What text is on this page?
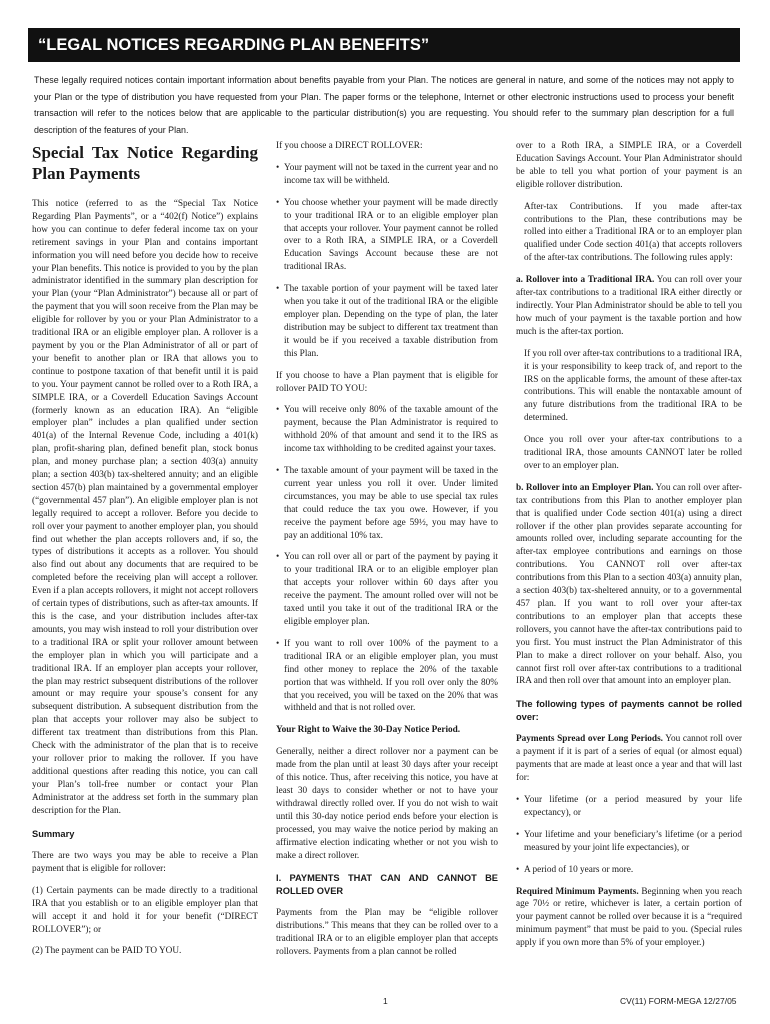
“LEGAL NOTICES REGARDING PLAN BENEFITS”
These legally required notices contain important information about benefits payable from your Plan. The notices are general in nature, and some of the notices may not apply to your Plan or the type of distribution you have requested from your Plan. The paper forms or the telephone, Internet or other electronic instructions used to process your benefit transaction will refer to the notices below that are applicable to the particular distribution(s) you are requesting. You should refer to the summary plan description for a full description of the features of your Plan.
Special Tax Notice Regarding Plan Payments

This notice (referred to as the “Special Tax Notice Regarding Plan Payments”, or a “402(f) Notice”) explains how you can continue to defer federal income tax on your retirement savings in your Plan and contains important information you will need before you decide how to receive your Plan benefits. This notice is provided to you by the plan administrator identified in the summary plan description for your Plan (your “Plan Administrator”) because all or part of the payment that you will soon receive from the Plan may be eligible for rollover by you or your Plan Administrator to a traditional IRA or an eligible employer plan. A rollover is a payment by you or the Plan Administrator of all or part of your benefit to another plan or IRA that allows you to continue to postpone taxation of that benefit until it is paid to you. Your payment cannot be rolled over to a Roth IRA, a SIMPLE IRA, or a Coverdell Education Savings Account (formerly known as an education IRA). An “eligible employer plan” includes a plan qualified under section 401(a) of the Internal Revenue Code, including a 401(k) plan, profit-sharing plan, defined benefit plan, stock bonus plan, and money purchase plan; a section 403(a) annuity plan; a section 403(b) tax-sheltered annuity; and an eligible section 457(b) plan maintained by a governmental employer (“governmental 457 plan”). An eligible employer plan is not legally required to accept a rollover. Before you decide to roll over your payment to another employer plan, you should find out whether the plan accepts rollovers and, if so, the types of distributions it accepts as a rollover. You should also find out about any documents that are required to be completed before the receiving plan will accept a rollover. Even if a plan accepts rollovers, it might not accept rollovers of certain types of distributions, such as after-tax amounts. If this is the case, and your distribution includes after-tax amounts, you may wish instead to roll your distribution over to a traditional IRA or split your rollover amount between the employer plan in which you will participate and a traditional IRA. If an employer plan accepts your rollover, the plan may restrict subsequent distributions of the rollover amount or may require your spouse’s consent for any subsequent distribution. A subsequent distribution from the plan that accepts your rollover may also be subject to different tax treatment than distributions from this Plan. Check with the administrator of the plan that is to receive your rollover prior to making the rollover. If you have additional questions after reading this notice, you can call your Plan’s toll-free number or contact your Plan Administrator at the address set forth in the summary plan description for the Plan.

Summary

There are two ways you may be able to receive a Plan payment that is eligible for rollover:

(1) Certain payments can be made directly to a traditional IRA that you establish or to an eligible employer plan that will accept it and hold it for your benefit (“DIRECT ROLLOVER”); or

(2) The payment can be PAID TO YOU.

If you choose a DIRECT ROLLOVER:

• Your payment will not be taxed in the current year and no income tax will be withheld.

• You choose whether your payment will be made directly to your traditional IRA or to an eligible employer plan that accepts your rollover. Your payment cannot be rolled over to a Roth IRA, a SIMPLE IRA, or a Coverdell Education Savings Account because these are not traditional IRAs.

• The taxable portion of your payment will be taxed later when you take it out of the traditional IRA or the eligible employer plan. Depending on the type of plan, the later distribution may be subject to different tax treatment than it would be if you received a taxable distribution from this Plan.

If you choose to have a Plan payment that is eligible for rollover PAID TO YOU:

• You will receive only 80% of the taxable amount of the payment, because the Plan Administrator is required to withhold 20% of that amount and send it to the IRS as income tax withholding to be credited against your taxes.

• The taxable amount of your payment will be taxed in the current year unless you roll it over. Under limited circumstances, you may be able to use special tax rules that could reduce the tax you owe. However, if you receive the payment before age 59½, you may have to pay an additional 10% tax.

• You can roll over all or part of the payment by paying it to your traditional IRA or to an eligible employer plan that accepts your rollover within 60 days after you receive the payment. The amount rolled over will not be taxed until you take it out of the traditional IRA or the eligible employer plan.

• If you want to roll over 100% of the payment to a traditional IRA or an eligible employer plan, you must find other money to replace the 20% of the taxable portion that was withheld. If you roll over only the 80% that you received, you will be taxed on the 20% that was withheld and that is not rolled over.

Your Right to Waive the 30-Day Notice Period.

Generally, neither a direct rollover nor a payment can be made from the plan until at least 30 days after your receipt of this notice. Thus, after receiving this notice, you have at least 30 days to consider whether or not to have your withdrawal directly rolled over. If you do not wish to wait until this 30-day notice period ends before your election is processed, you may waive the notice period by making an affirmative election indicating whether or not you wish to make a direct rollover.

I. PAYMENTS THAT CAN AND CANNOT BE ROLLED OVER

Payments from the Plan may be “eligible rollover distributions.” This means that they can be rolled over to a traditional IRA or to an eligible employer plan that accepts rollovers. Payments from a plan cannot be rolled

over to a Roth IRA, a SIMPLE IRA, or a Coverdell Education Savings Account. Your Plan Administrator should be able to tell you what portion of your payment is an eligible rollover distribution.

After-tax Contributions. If you made after-tax contributions to the Plan, these contributions may be rolled into either a Traditional IRA or to an employer plan qualified under Code section 401(a) that accepts rollovers of the after-tax contributions. The following rules apply:

a. Rollover into a Traditional IRA. You can roll over your after-tax contributions to a traditional IRA either directly or indirectly. Your Plan Administrator should be able to tell you how much of your payment is the taxable portion and how much is the after-tax portion.

If you roll over after-tax contributions to a traditional IRA, it is your responsibility to keep track of, and report to the IRS on the applicable forms, the amount of these after-tax contributions. This will enable the nontaxable amount of any future distributions from the traditional IRA to be determined.

Once you roll over your after-tax contributions to a traditional IRA, those amounts CANNOT later be rolled over to an employer plan.

b. Rollover into an Employer Plan. You can roll over after-tax contributions from this Plan to another employer plan that is qualified under Code section 401(a) using a direct rollover if the other plan provides separate accounting for amounts rolled over, including separate accounting for the after-tax employee contributions and earnings on those contributions. You CANNOT roll over after-tax contributions from this Plan to a section 403(a) annuity plan, a section 403(b) tax-sheltered annuity, or to a governmental 457 plan. If you want to roll over your after-tax contributions to an employer plan that accepts these rollovers, you cannot have the after-tax contributions paid to you first. You must instruct the Plan Administrator of this Plan to make a direct rollover on your behalf. Also, you cannot first roll over after-tax contributions to a traditional IRA and then roll over that amount into an employer plan.

The following types of payments cannot be rolled over:

Payments Spread over Long Periods. You cannot roll over a payment if it is part of a series of equal (or almost equal) payments that are made at least once a year and that will last for:

• Your lifetime (or a period measured by your life expectancy), or

• Your lifetime and your beneficiary’s lifetime (or a period measured by your joint life expectancies), or

• A period of 10 years or more.

Required Minimum Payments. Beginning when you reach age 70½ or retire, whichever is later, a certain portion of your payment cannot be rolled over because it is a “required minimum payment” that must be paid to you. (Special rules apply if you own more than 5% of your employer.)

1	CV(11) FORM-MEGA 12/27/05
